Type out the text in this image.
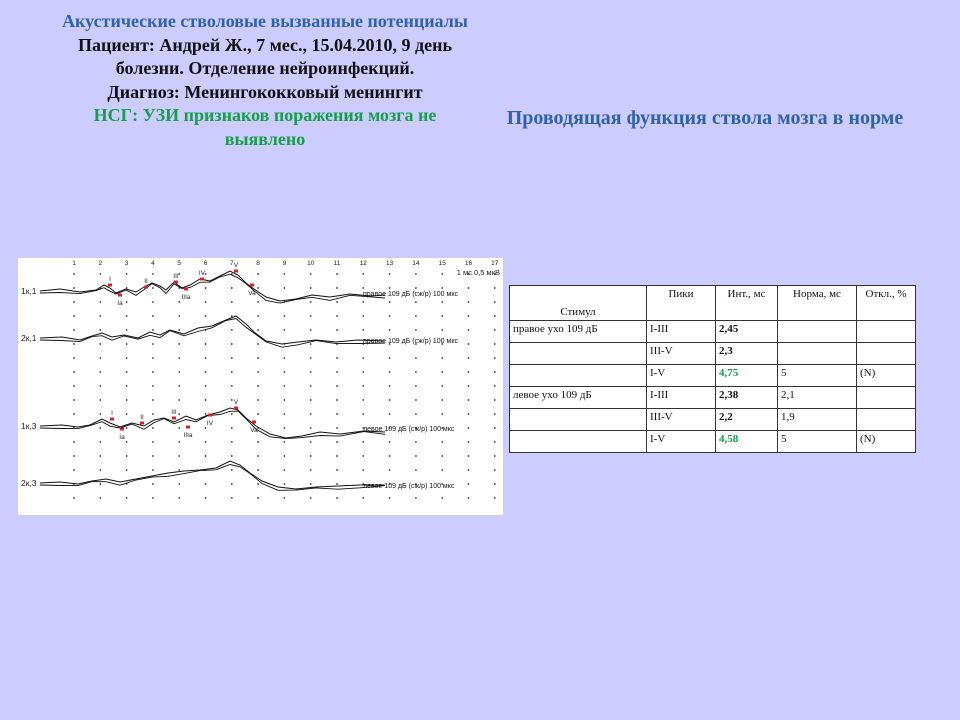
Акустические стволовые вызванные потенциалы
Пациент: Андрей Ж., 7 мес., 15.04.2010, 9 день болезни. Отделение нейроинфекций.
Диагноз: Менингококковый менингит
НСГ: УЗИ признаков поражения мозга не выявлено
Проводящая функция ствола мозга в норме
1	2	3	4	5	6	7	8	9	10	11	12	13	14	15	16	17
1 мс 0,5 мкВ
1к,1	правое 109 дБ (сж/р) 100 мкс
2к,1	правое 109 дБ (сж/р) 100 мкс
1к,3	левое 109 дБ (сж/р) 100 мкс
2к,3	левое 109 дБ (сж/р) 100 мкс
I
Ia
II
III
IIIa
IV
V
Va
I
Ia
II
III
IIIa
IV
V
Va
Стимул	Пики	Инт., мс	Норма, мс	Откл., %
правое ухо 109 дБ	I-III	2,45		
	III-V	2,3		
	I-V	4,75	5	(N)
левое ухо 109 дБ	I-III	2,38	2,1	
	III-V	2,2	1,9	
	I-V	4,58	5	(N)
